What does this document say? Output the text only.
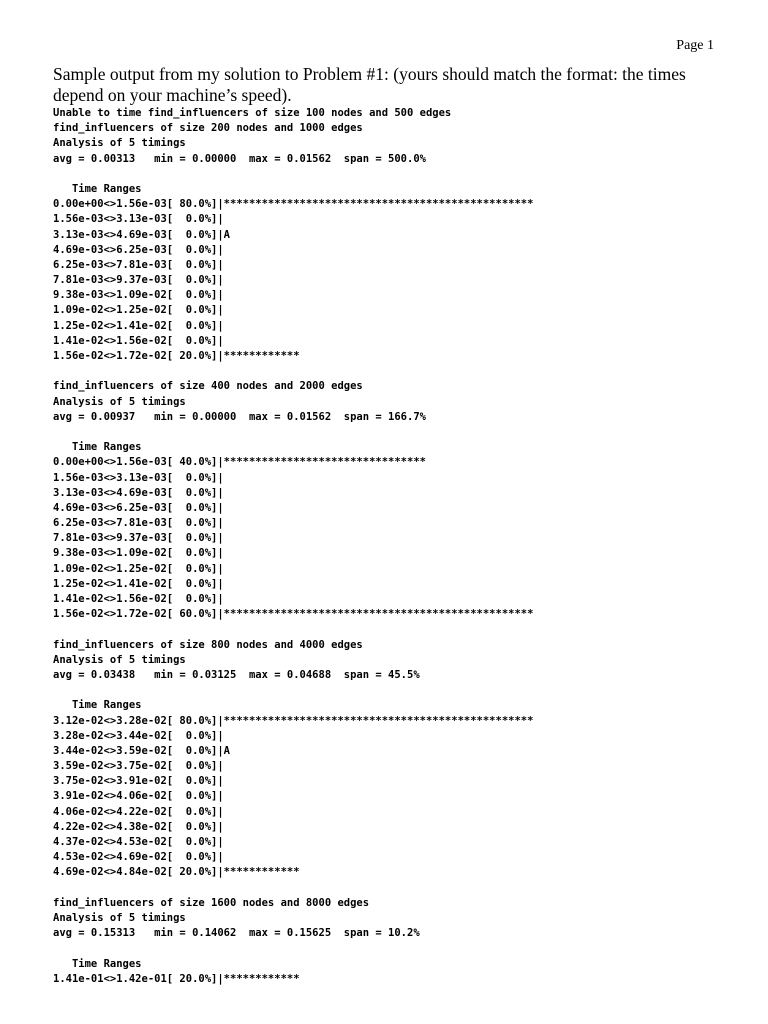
Page 1
Sample output from my solution to Problem #1: (yours should match the format: the times depend on your machine’s speed).
Unable to time find_influencers of size 100 nodes and 500 edges
find_influencers of size 200 nodes and 1000 edges
Analysis of 5 timings
avg = 0.00313   min = 0.00000  max = 0.01562  span = 500.0%
Time Ranges
0.00e+00<>1.56e-03[ 80.0%]|*************************************************
1.56e-03<>3.13e-03[  0.0%]|
3.13e-03<>4.69e-03[  0.0%]|A
4.69e-03<>6.25e-03[  0.0%]|
6.25e-03<>7.81e-03[  0.0%]|
7.81e-03<>9.37e-03[  0.0%]|
9.38e-03<>1.09e-02[  0.0%]|
1.09e-02<>1.25e-02[  0.0%]|
1.25e-02<>1.41e-02[  0.0%]|
1.41e-02<>1.56e-02[  0.0%]|
1.56e-02<>1.72e-02[ 20.0%]|************
find_influencers of size 400 nodes and 2000 edges
Analysis of 5 timings
avg = 0.00937   min = 0.00000  max = 0.01562  span = 166.7%
Time Ranges
0.00e+00<>1.56e-03[ 40.0%]|********************************
1.56e-03<>3.13e-03[  0.0%]|
3.13e-03<>4.69e-03[  0.0%]|
4.69e-03<>6.25e-03[  0.0%]|
6.25e-03<>7.81e-03[  0.0%]|
7.81e-03<>9.37e-03[  0.0%]|
9.38e-03<>1.09e-02[  0.0%]|
1.09e-02<>1.25e-02[  0.0%]|
1.25e-02<>1.41e-02[  0.0%]|
1.41e-02<>1.56e-02[  0.0%]|
1.56e-02<>1.72e-02[ 60.0%]|*************************************************
find_influencers of size 800 nodes and 4000 edges
Analysis of 5 timings
avg = 0.03438   min = 0.03125  max = 0.04688  span = 45.5%
Time Ranges
3.12e-02<>3.28e-02[ 80.0%]|*************************************************
3.28e-02<>3.44e-02[  0.0%]|
3.44e-02<>3.59e-02[  0.0%]|A
3.59e-02<>3.75e-02[  0.0%]|
3.75e-02<>3.91e-02[  0.0%]|
3.91e-02<>4.06e-02[  0.0%]|
4.06e-02<>4.22e-02[  0.0%]|
4.22e-02<>4.38e-02[  0.0%]|
4.37e-02<>4.53e-02[  0.0%]|
4.53e-02<>4.69e-02[  0.0%]|
4.69e-02<>4.84e-02[ 20.0%]|************
find_influencers of size 1600 nodes and 8000 edges
Analysis of 5 timings
avg = 0.15313   min = 0.14062  max = 0.15625  span = 10.2%
Time Ranges
1.41e-01<>1.42e-01[ 20.0%]|************
